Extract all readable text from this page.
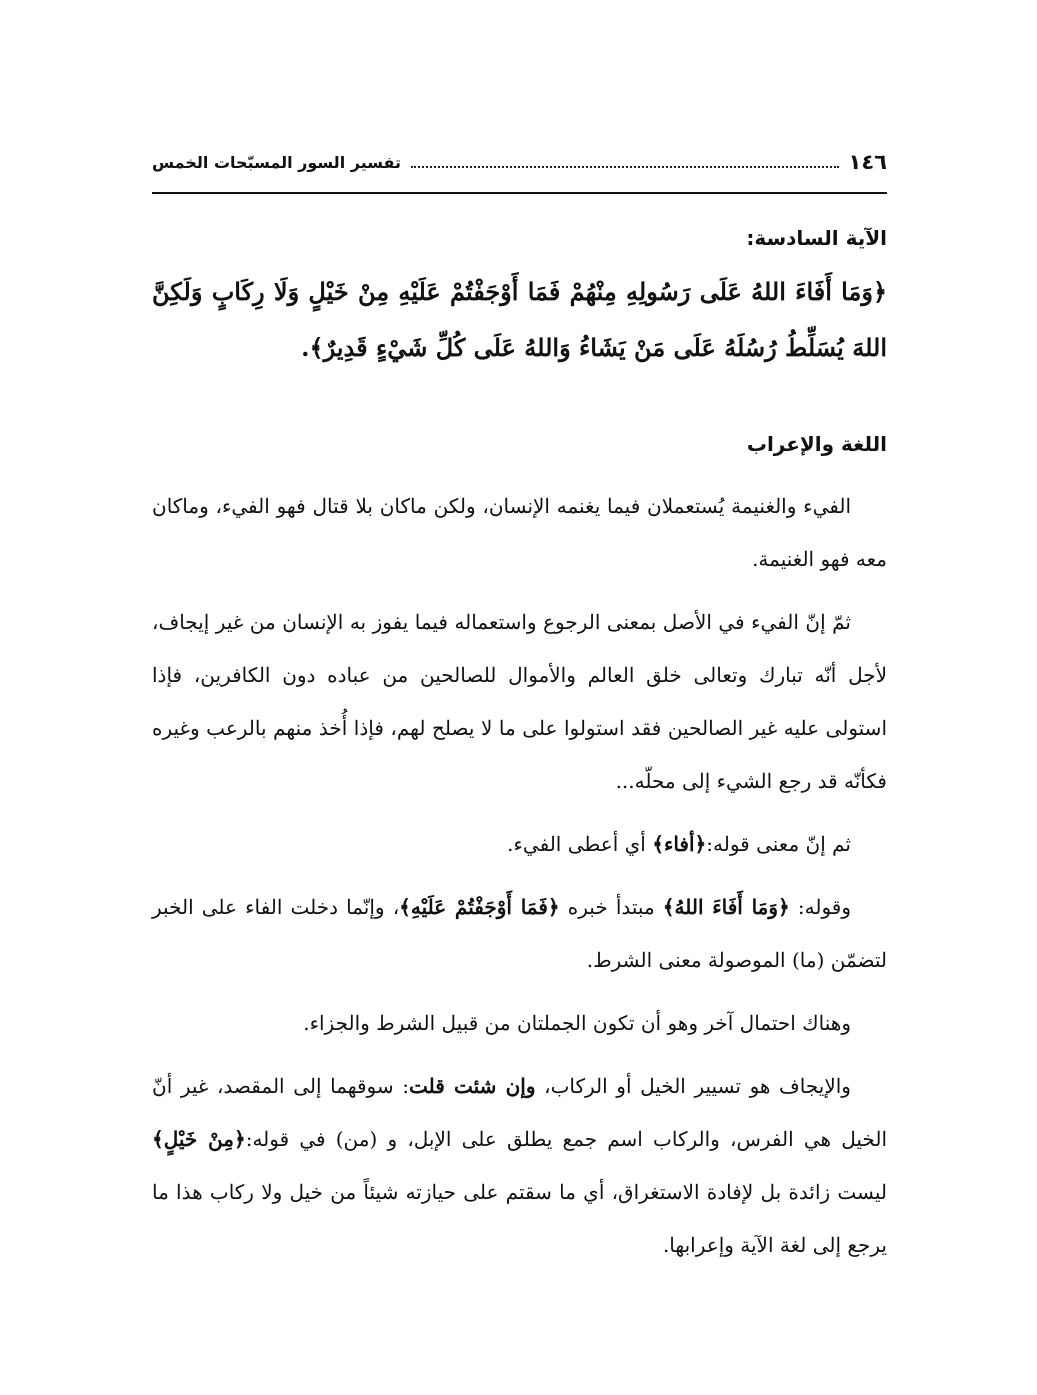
١٤٦
تفسير السور المسبّحات الخمس
الآية السادسة:
﴿وَمَا أَفَاءَ اللهُ عَلَى رَسُولِهِ مِنْهُمْ فَمَا أَوْجَفْتُمْ عَلَيْهِ مِنْ خَيْلٍ وَلَا رِكَابٍ وَلَكِنَّ اللهَ يُسَلِّطُ رُسُلَهُ عَلَى مَنْ يَشَاءُ وَاللهُ عَلَى كُلِّ شَيْءٍ قَدِيرٌ﴾.
اللغة والإعراب

الفيء والغنيمة يُستعملان فيما يغنمه الإنسان، ولكن ماكان بلا قتال فهو الفيء، وماكان معه فهو الغنيمة.

ثمّ إنّ الفيء في الأصل بمعنى الرجوع واستعماله فيما يفوز به الإنسان من غير إيجاف، لأجل أنّه تبارك وتعالى خلق العالم والأموال للصالحين من عباده دون الكافرين، فإذا استولى عليه غير الصالحين فقد استولوا على ما لا يصلح لهم، فإذا أُخذ منهم بالرعب وغيره فكأنّه قد رجع الشيء إلى محلّه...

ثم إنّ معنى قوله:﴿أفاء﴾ أي أعطى الفيء.

وقوله: ﴿وَمَا أَفَاءَ اللهُ﴾ مبتدأ خبره ﴿فَمَا أَوْجَفْتُمْ عَلَيْهِ﴾، وإنّما دخلت الفاء على الخبر لتضمّن (ما) الموصولة معنى الشرط.

وهناك احتمال آخر وهو أن تكون الجملتان من قبيل الشرط والجزاء.

والإيجاف هو تسيير الخيل أو الركاب، وإن شئت قلت: سوقهما إلى المقصد، غير أنّ الخيل هي الفرس، والركاب اسم جمع يطلق على الإبل، و (من) في قوله:﴿مِنْ خَيْلٍ﴾ ليست زائدة بل لإفادة الاستغراق، أي ما سقتم على حيازته شيئاً من خيل ولا ركاب هذا ما يرجع إلى لغة الآية وإعرابها.
